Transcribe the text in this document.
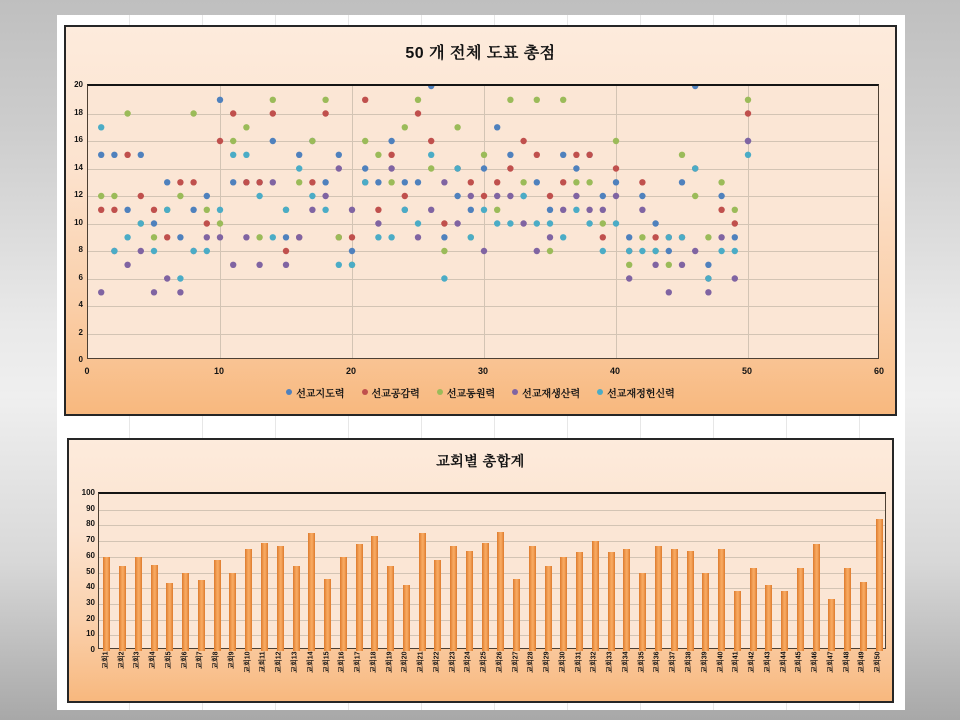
50 개 전체 도표 총점
0
2
4
6
8
10
12
14
16
18
20
0	10	20	30	40	50	60
선교지도력	선교공감력	선교동원력	선교재생산력	선교재정헌신력
교회별 총합계
0
10
20
30
40
50
60
70
80
90
100
교회1 교회2 교회3 교회4 교회5 교회6 교회7 교회8 교회9 교회10 교회11 교회12 교회13 교회14 교회15 교회16 교회17 교회18 교회19 교회20 교회21 교회22 교회23 교회24 교회25 교회26 교회27 교회28 교회29 교회30 교회31 교회32 교회33 교회34 교회35 교회36 교회37 교회38 교회39 교회40 교회41 교회42 교회43 교회44 교회45 교회46 교회47 교회48 교회49 교회50
